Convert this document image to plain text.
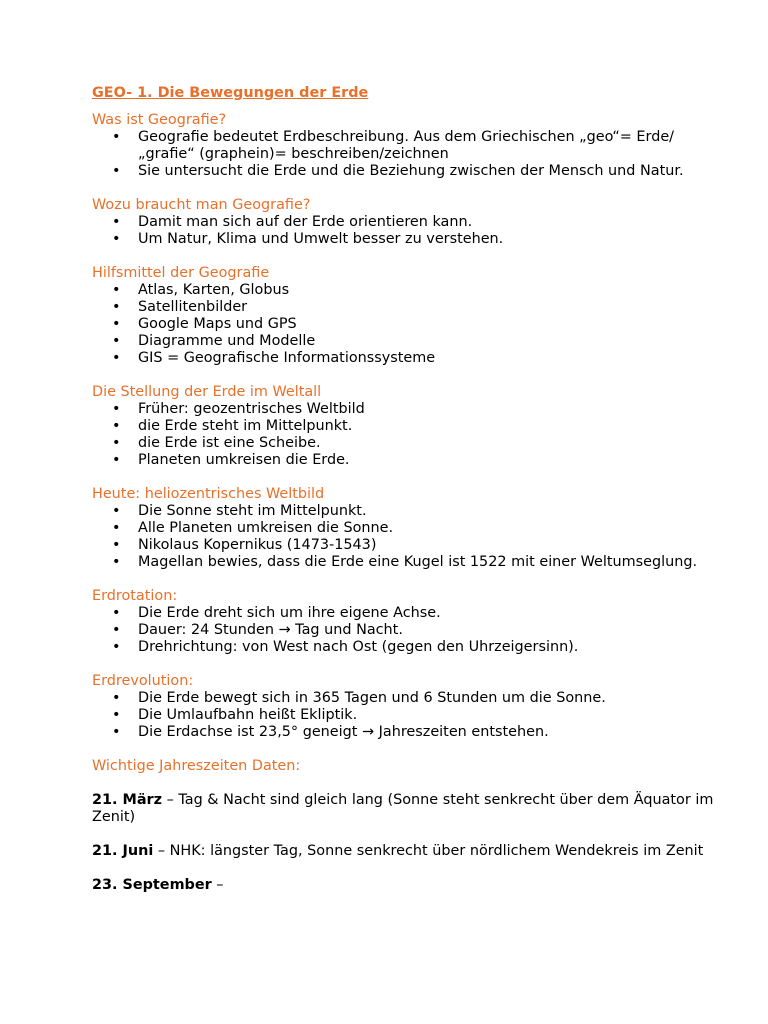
GEO- 1. Die Bewegungen der Erde
Was ist Geografie?
• Geografie bedeutet Erdbeschreibung. Aus dem Griechischen „geo“= Erde/ „grafie“ (graphein)= beschreiben/zeichnen
• Sie untersucht die Erde und die Beziehung zwischen der Mensch und Natur.
Wozu braucht man Geografie?
• Damit man sich auf der Erde orientieren kann.
• Um Natur, Klima und Umwelt besser zu verstehen.
Hilfsmittel der Geografie
• Atlas, Karten, Globus
• Satellitenbilder
• Google Maps und GPS
• Diagramme und Modelle
• GIS = Geografische Informationssysteme
Die Stellung der Erde im Weltall
• Früher: geozentrisches Weltbild
• die Erde steht im Mittelpunkt.
• die Erde ist eine Scheibe.
• Planeten umkreisen die Erde.
Heute: heliozentrisches Weltbild
• Die Sonne steht im Mittelpunkt.
• Alle Planeten umkreisen die Sonne.
• Nikolaus Kopernikus (1473-1543)
• Magellan bewies, dass die Erde eine Kugel ist 1522 mit einer Weltumseglung.
Erdrotation:
• Die Erde dreht sich um ihre eigene Achse.
• Dauer: 24 Stunden → Tag und Nacht.
• Drehrichtung: von West nach Ost (gegen den Uhrzeigersinn).
Erdrevolution:
• Die Erde bewegt sich in 365 Tagen und 6 Stunden um die Sonne.
• Die Umlaufbahn heißt Ekliptik.
• Die Erdachse ist 23,5° geneigt → Jahreszeiten entstehen.
Wichtige Jahreszeiten Daten:
21. März – Tag & Nacht sind gleich lang (Sonne steht senkrecht über dem Äquator im Zenit)
21. Juni – NHK: längster Tag, Sonne senkrecht über nördlichem Wendekreis im Zenit
23. September –
